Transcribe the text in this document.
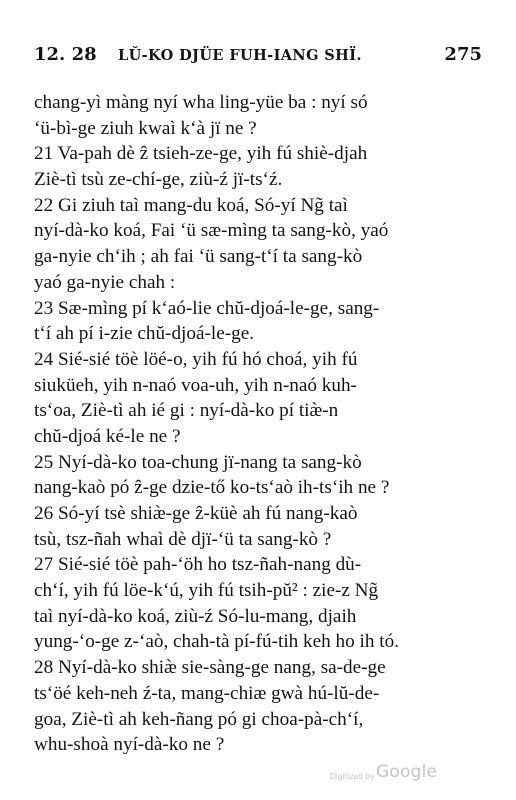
12. 28 LŬ-KO DJÜE FUH-IANG SHÏ.	275
chang-yì màng nyí wha ling-yüe ba : nyí só
‘ü-bì-ge ziuh kwaì k‘à jï ne ?
21 Va-pah dè ẑ tsieh-ze-ge, yih fú shiè-djah
Ziè-tì tsù ze-chí-ge, ziù-ź jï-ts‘ź.
22 Gi ziuh taì mang-du koá, Só-yí Ng̃ taì
nyí-dà-ko koá, Fai ‘ü sæ-mìng ta sang-kò, yaó
ga-nyie ch‘ih ; ah fai ‘ü sang-t‘í ta sang-kò
yaó ga-nyie chah :
23 Sæ-mìng pí k‘aó-lie chŭ-djoá-le-ge, sang-
t‘í ah pí i-zie chŭ-djoá-le-ge.
24 Sié-sié töè löé-o, yih fú hó choá, yih fú
siuküeh, yih n-naó voa-uh, yih n-naó kuh-
ts‘oa, Ziè-tì ah ié gi : nyí-dà-ko pí tiæ̀-n
chŭ-djoá ké-le ne ?
25 Nyí-dà-ko toa-chung jï-nang ta sang-kò
nang-kaò pó ẑ-ge dzie-tő ko-ts‘aò ih-ts‘ih ne ?
26 Só-yí tsè shiæ̀-ge ẑ-küè ah fú nang-kaò
tsù, tsz-ñah whaì dè djï-‘ü ta sang-kò ?
27 Sié-sié töè pah-‘öh ho tsz-ñah-nang dù-
ch‘í, yih fú löe-k‘ú, yih fú tsih-pŭ² : zie-z Ng̃
taì nyí-dà-ko koá, ziù-ź Só-lu-mang, djaih
yung-‘o-ge z-‘aò, chah-tà pí-fú-tih keh ho ih tó.
28 Nyí-dà-ko shiæ̀ sie-sàng-ge nang, sa-de-ge
ts‘öé keh-neh ź-ta, mang-chiæ gwà hú-lŭ-de-
goa, Ziè-tì ah keh-ñang pó gi choa-pà-ch‘í,
whu-shoà nyí-dà-ko ne ?
Digitized by Google
